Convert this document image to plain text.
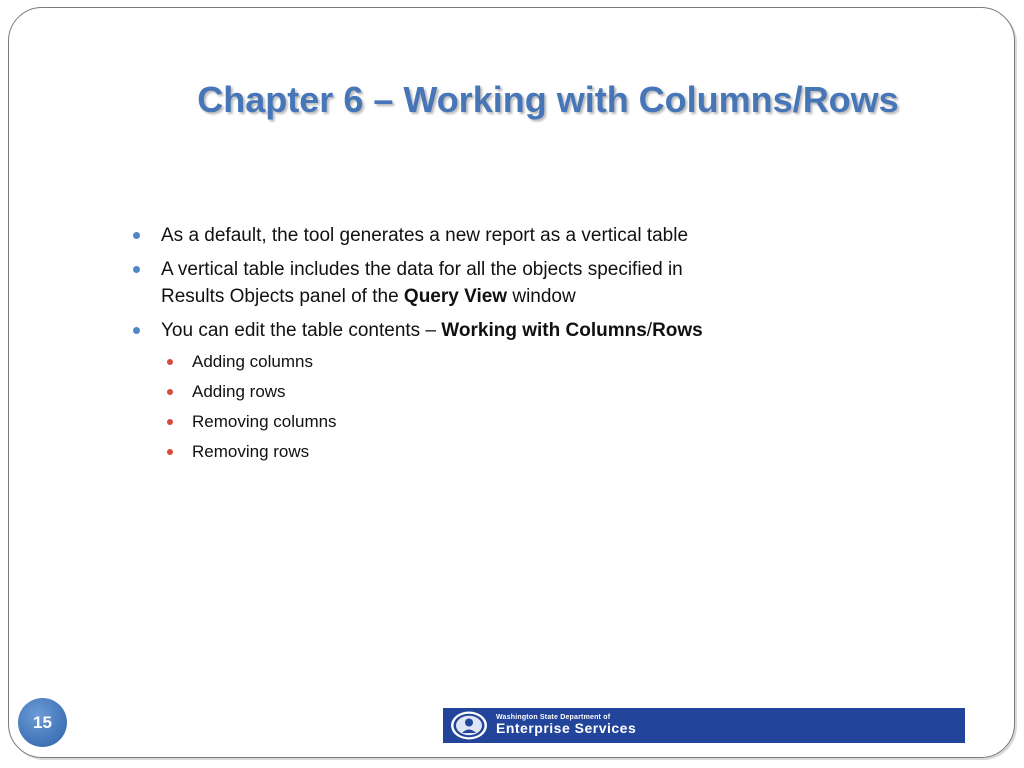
Chapter 6 – Working with Columns/Rows
As a default, the tool generates a new report as a vertical table
A vertical table includes the data for all the objects specified in
Results Objects panel of the Query View window
You can edit the table contents – Working with Columns/Rows
Adding columns
Adding rows
Removing columns
Removing rows
15	Washington State Department of
Enterprise Services
